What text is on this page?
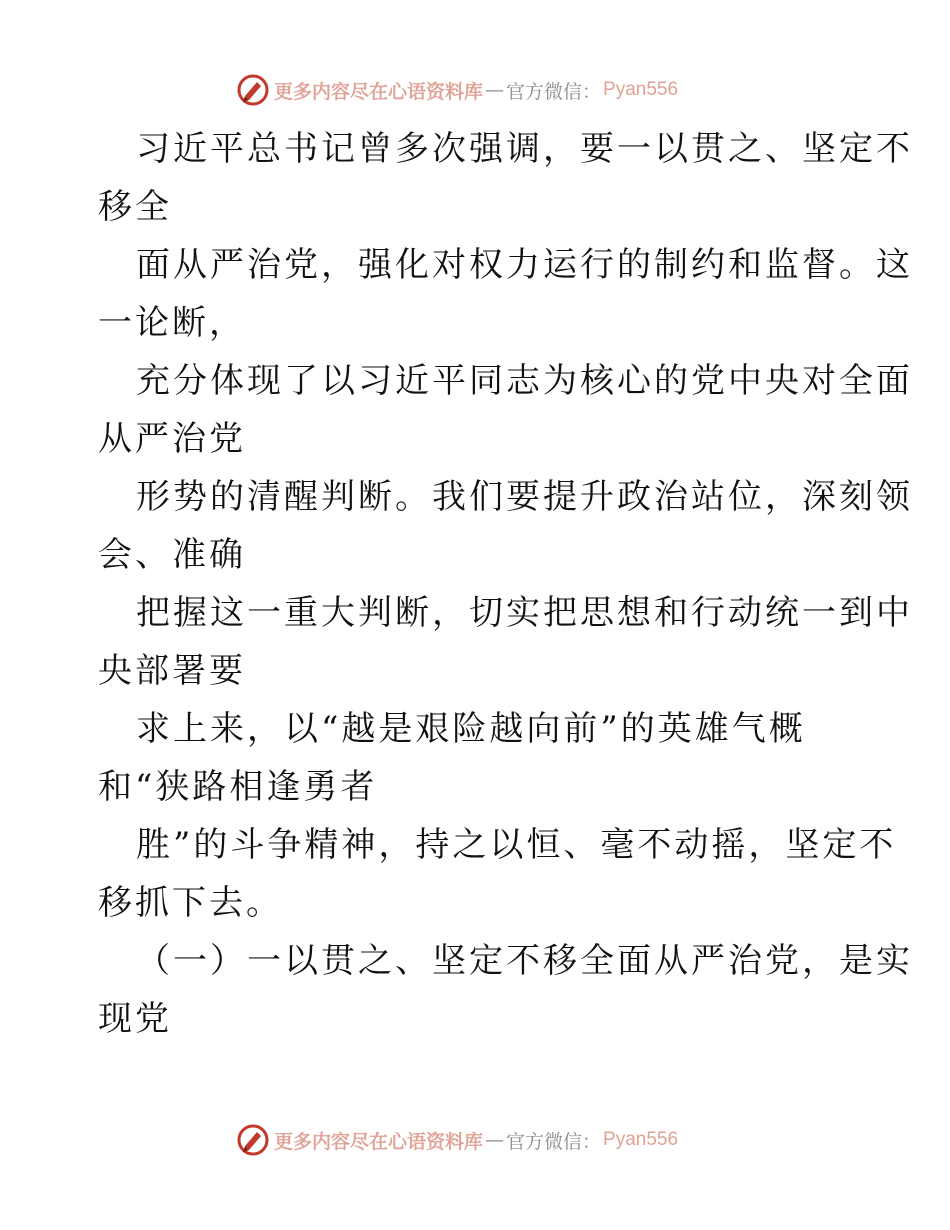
更多内容尽在心语资料库 — 官方微信： Pyan556
习近平总书记曾多次强调，要一以贯之、坚定不
移全
面从严治党，强化对权力运行的制约和监督。这
一论断，
充分体现了以习近平同志为核心的党中央对全面
从严治党
形势的清醒判断。我们要提升政治站位，深刻领
会、准确
把握这一重大判断，切实把思想和行动统一到中
央部署要
求上来，以“越是艰险越向前”的英雄气概
和“狭路相逢勇者
胜”的斗争精神，持之以恒、毫不动摇，坚定不
移抓下去。
（一）一以贯之、坚定不移全面从严治党，是实
现党
更多内容尽在心语资料库 — 官方微信： Pyan556
